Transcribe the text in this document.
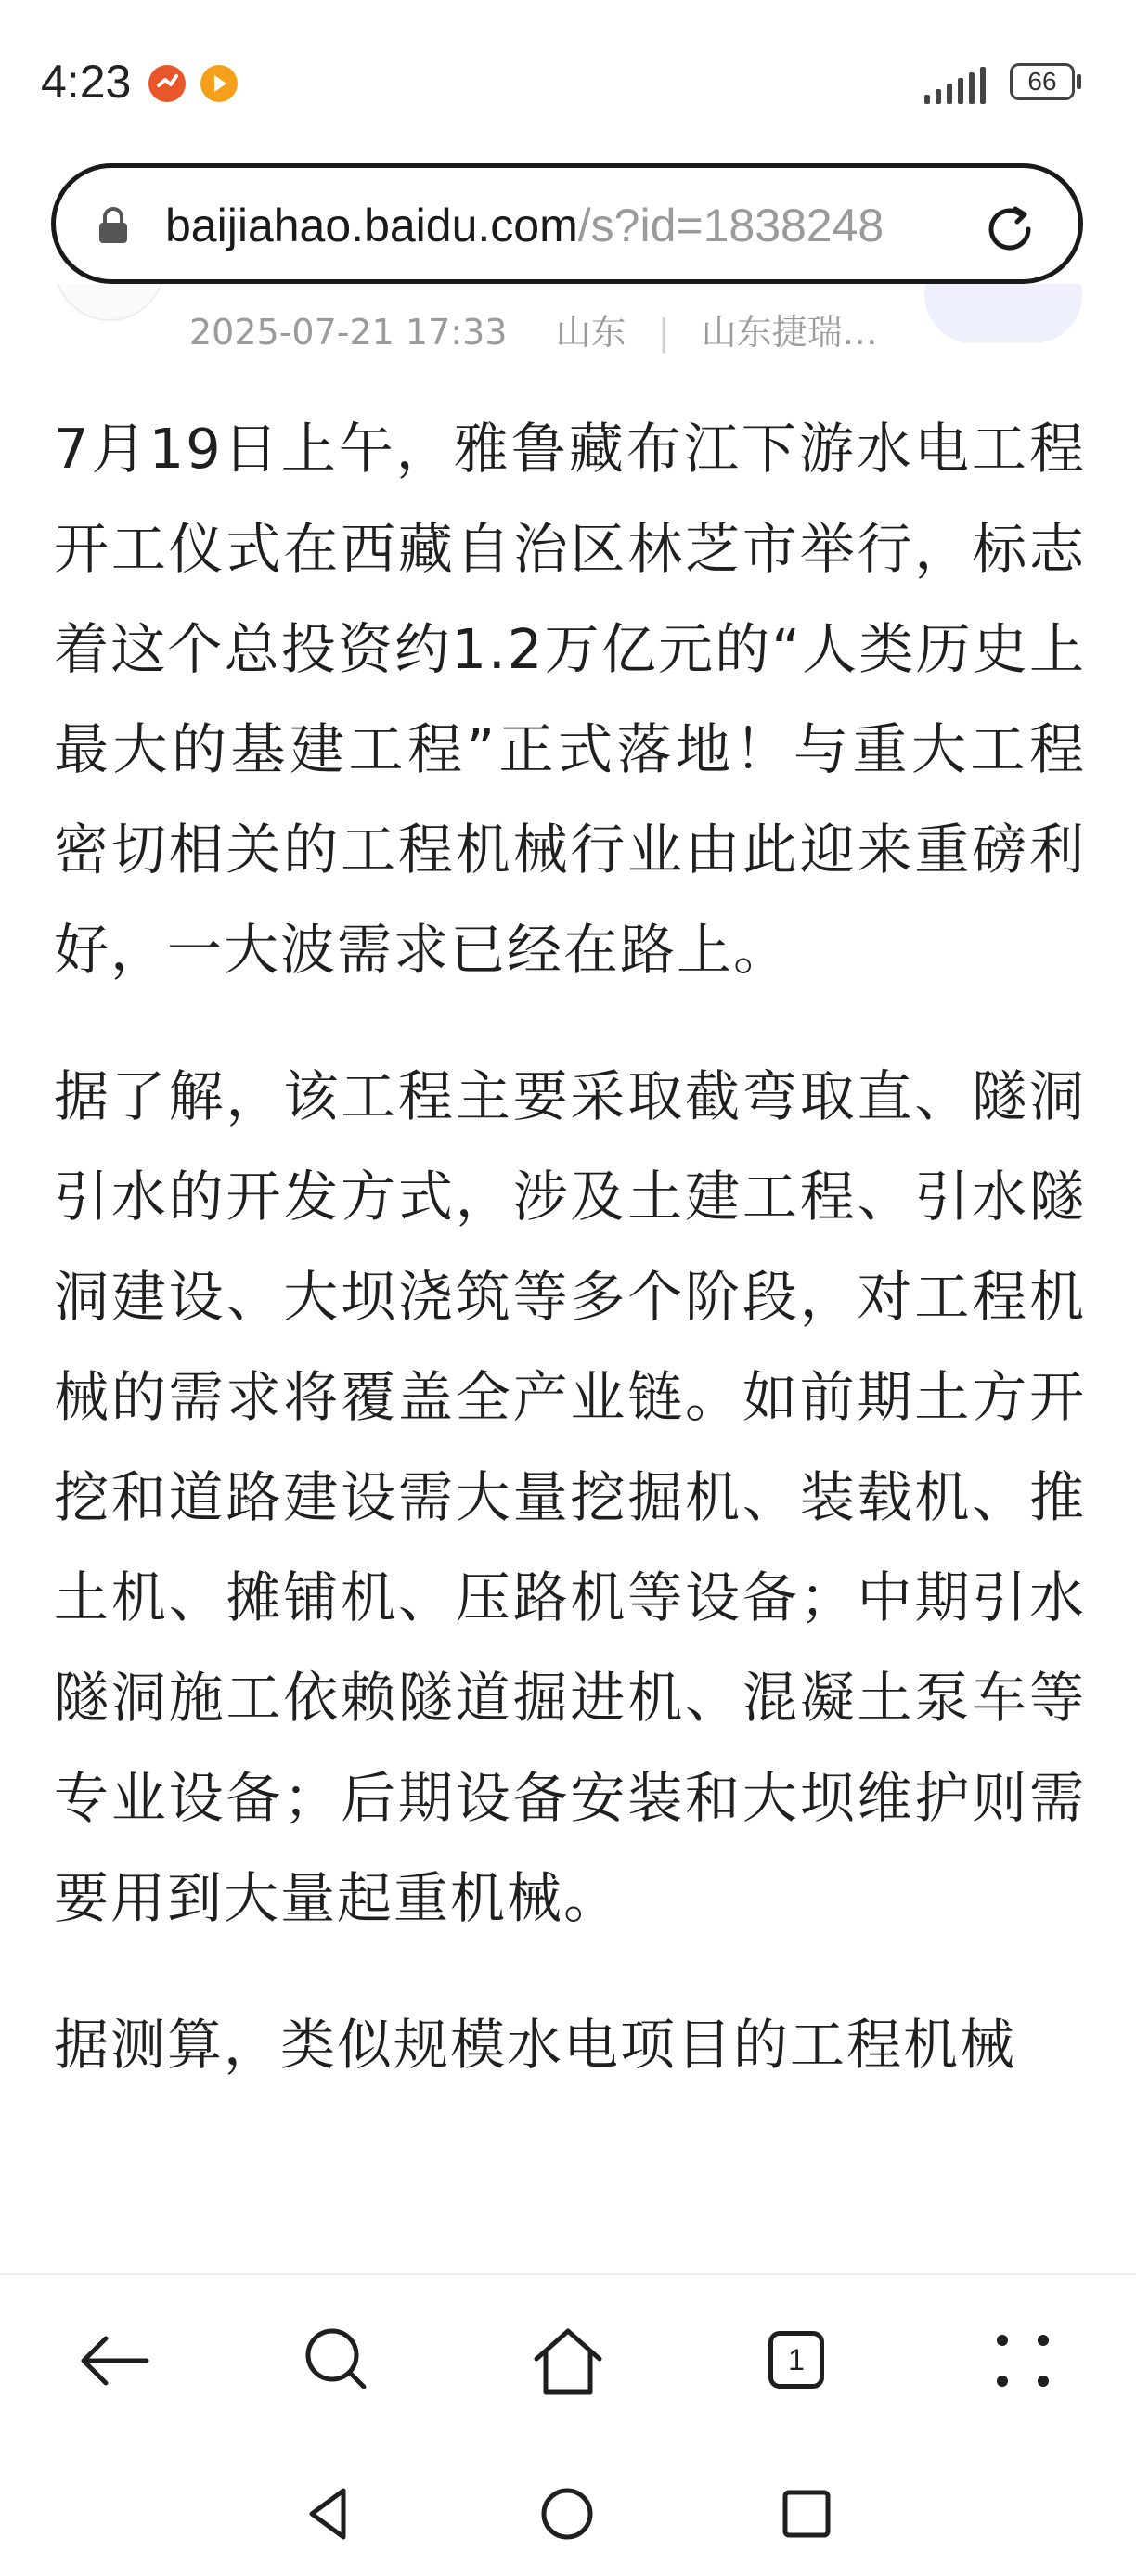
4:23	66
baijiahao.baidu.com/s?id=1838248
2025-07-21 17:33 山东 | 山东捷瑞…

7月19日上午，雅鲁藏布江下游水电工程开工仪式在西藏自治区林芝市举行，标志着这个总投资约1.2万亿元的“人类历史上最大的基建工程”正式落地！与重大工程密切相关的工程机械行业由此迎来重磅利好，一大波需求已经在路上。

据了解，该工程主要采取截弯取直、隧洞引水的开发方式，涉及土建工程、引水隧洞建设、大坝浇筑等多个阶段，对工程机械的需求将覆盖全产业链。如前期土方开挖和道路建设需大量挖掘机、装载机、推土机、摊铺机、压路机等设备；中期引水隧洞施工依赖隧道掘进机、混凝土泵车等专业设备；后期设备安装和大坝维护则需要用到大量起重机械。

据测算，类似规模水电项目的工程机械

1
